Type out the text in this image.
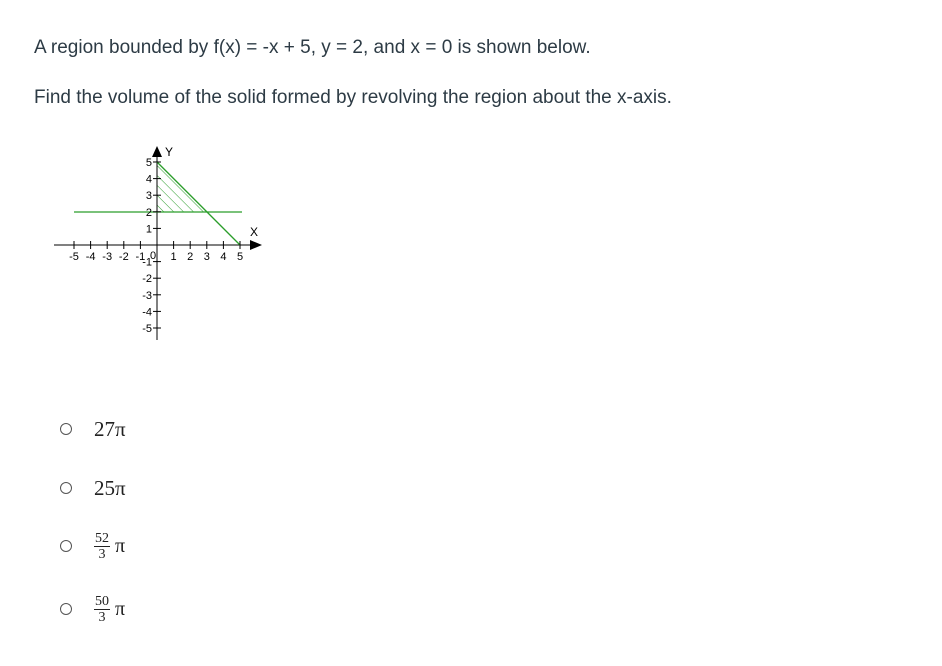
A region bounded by f(x) = -x + 5, y = 2, and x = 0 is shown below.
Find the volume of the solid formed by revolving the region about the x-axis.
-5 -4 -3 -2 -1 1 2 3 4 5
5
4
3
2
1
-1
-2
-3
-4
-5
X
Y
0
27 π
25 π
$\frac{52}{3}$ π
$\frac{50}{3}$ π
